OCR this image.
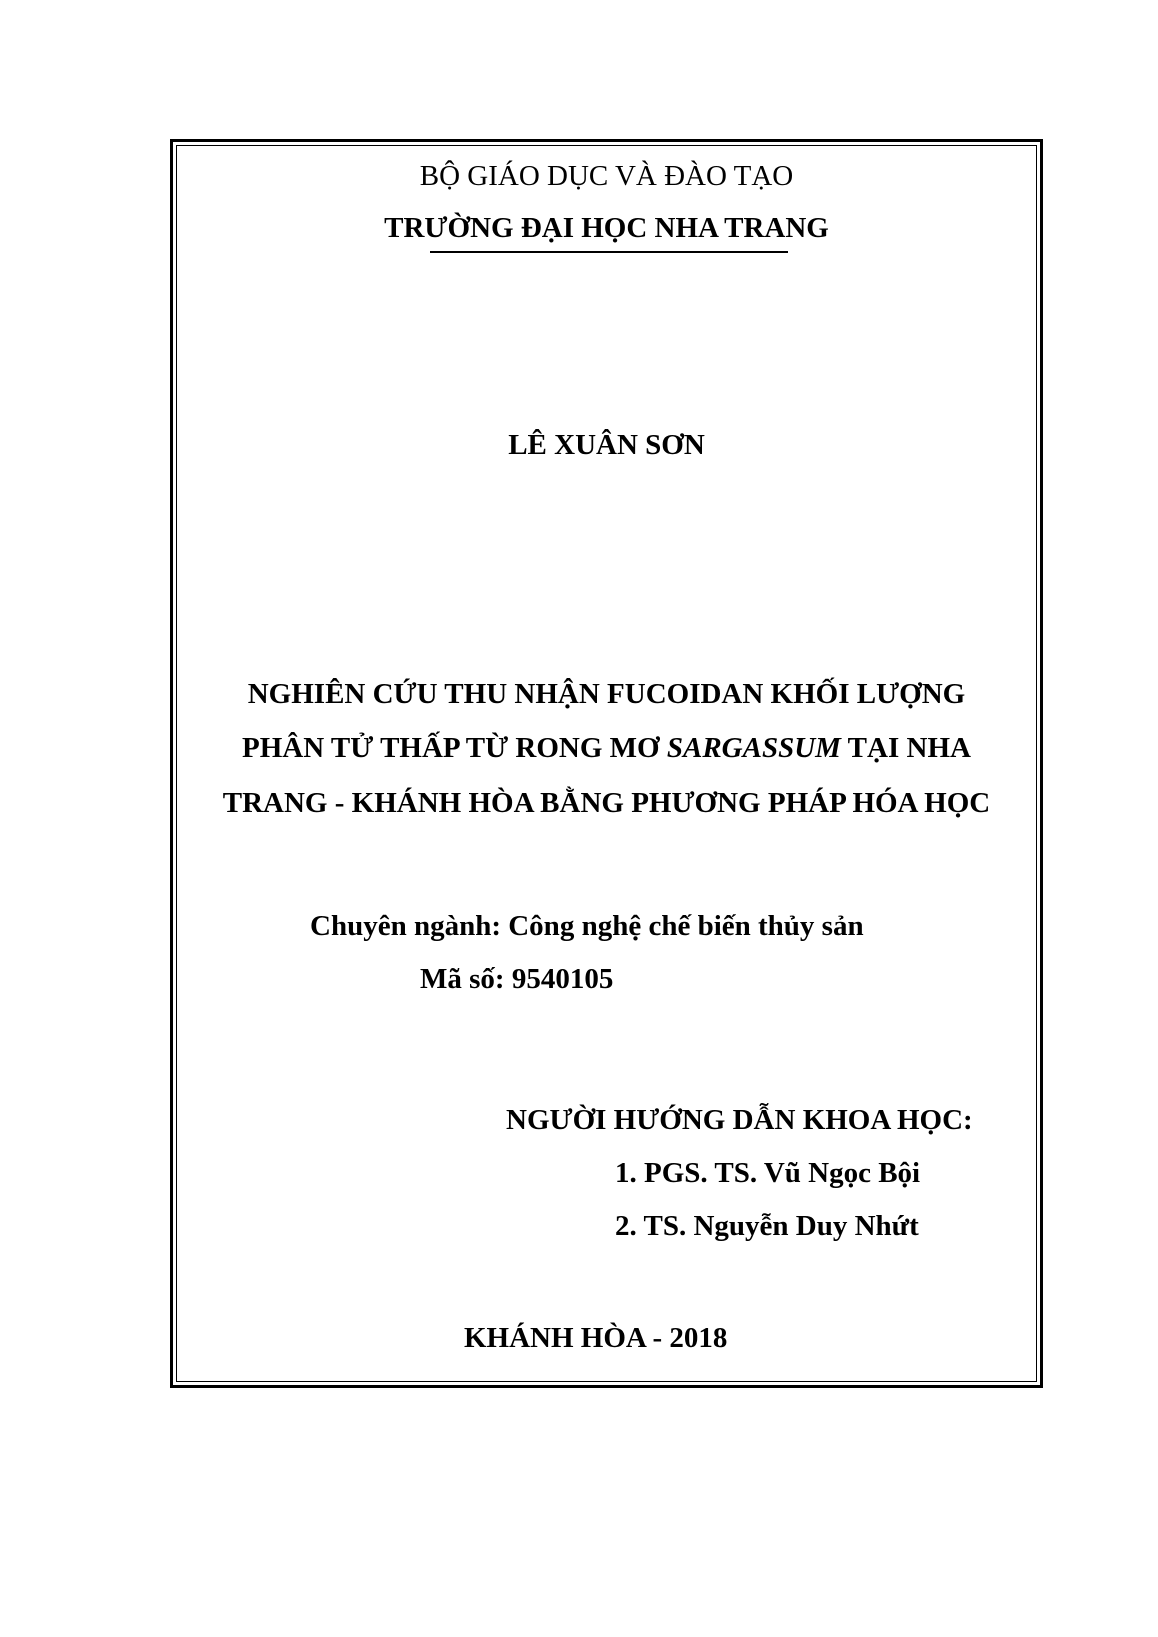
BỘ GIÁO DỤC VÀ ĐÀO TẠO
TRƯỜNG ĐẠI HỌC NHA TRANG
LÊ XUÂN SƠN
NGHIÊN CỨU THU NHẬN FUCOIDAN KHỐI LƯỢNG
PHÂN TỬ THẤP TỪ RONG MƠ SARGASSUM TẠI NHA
TRANG - KHÁNH HÒA BẰNG PHƯƠNG PHÁP HÓA HỌC
Chuyên ngành: Công nghệ chế biến thủy sản
Mã số: 9540105
NGƯỜI HƯỚNG DẪN KHOA HỌC:
1. PGS. TS. Vũ Ngọc Bội
2. TS. Nguyễn Duy Nhứt
KHÁNH HÒA - 2018
